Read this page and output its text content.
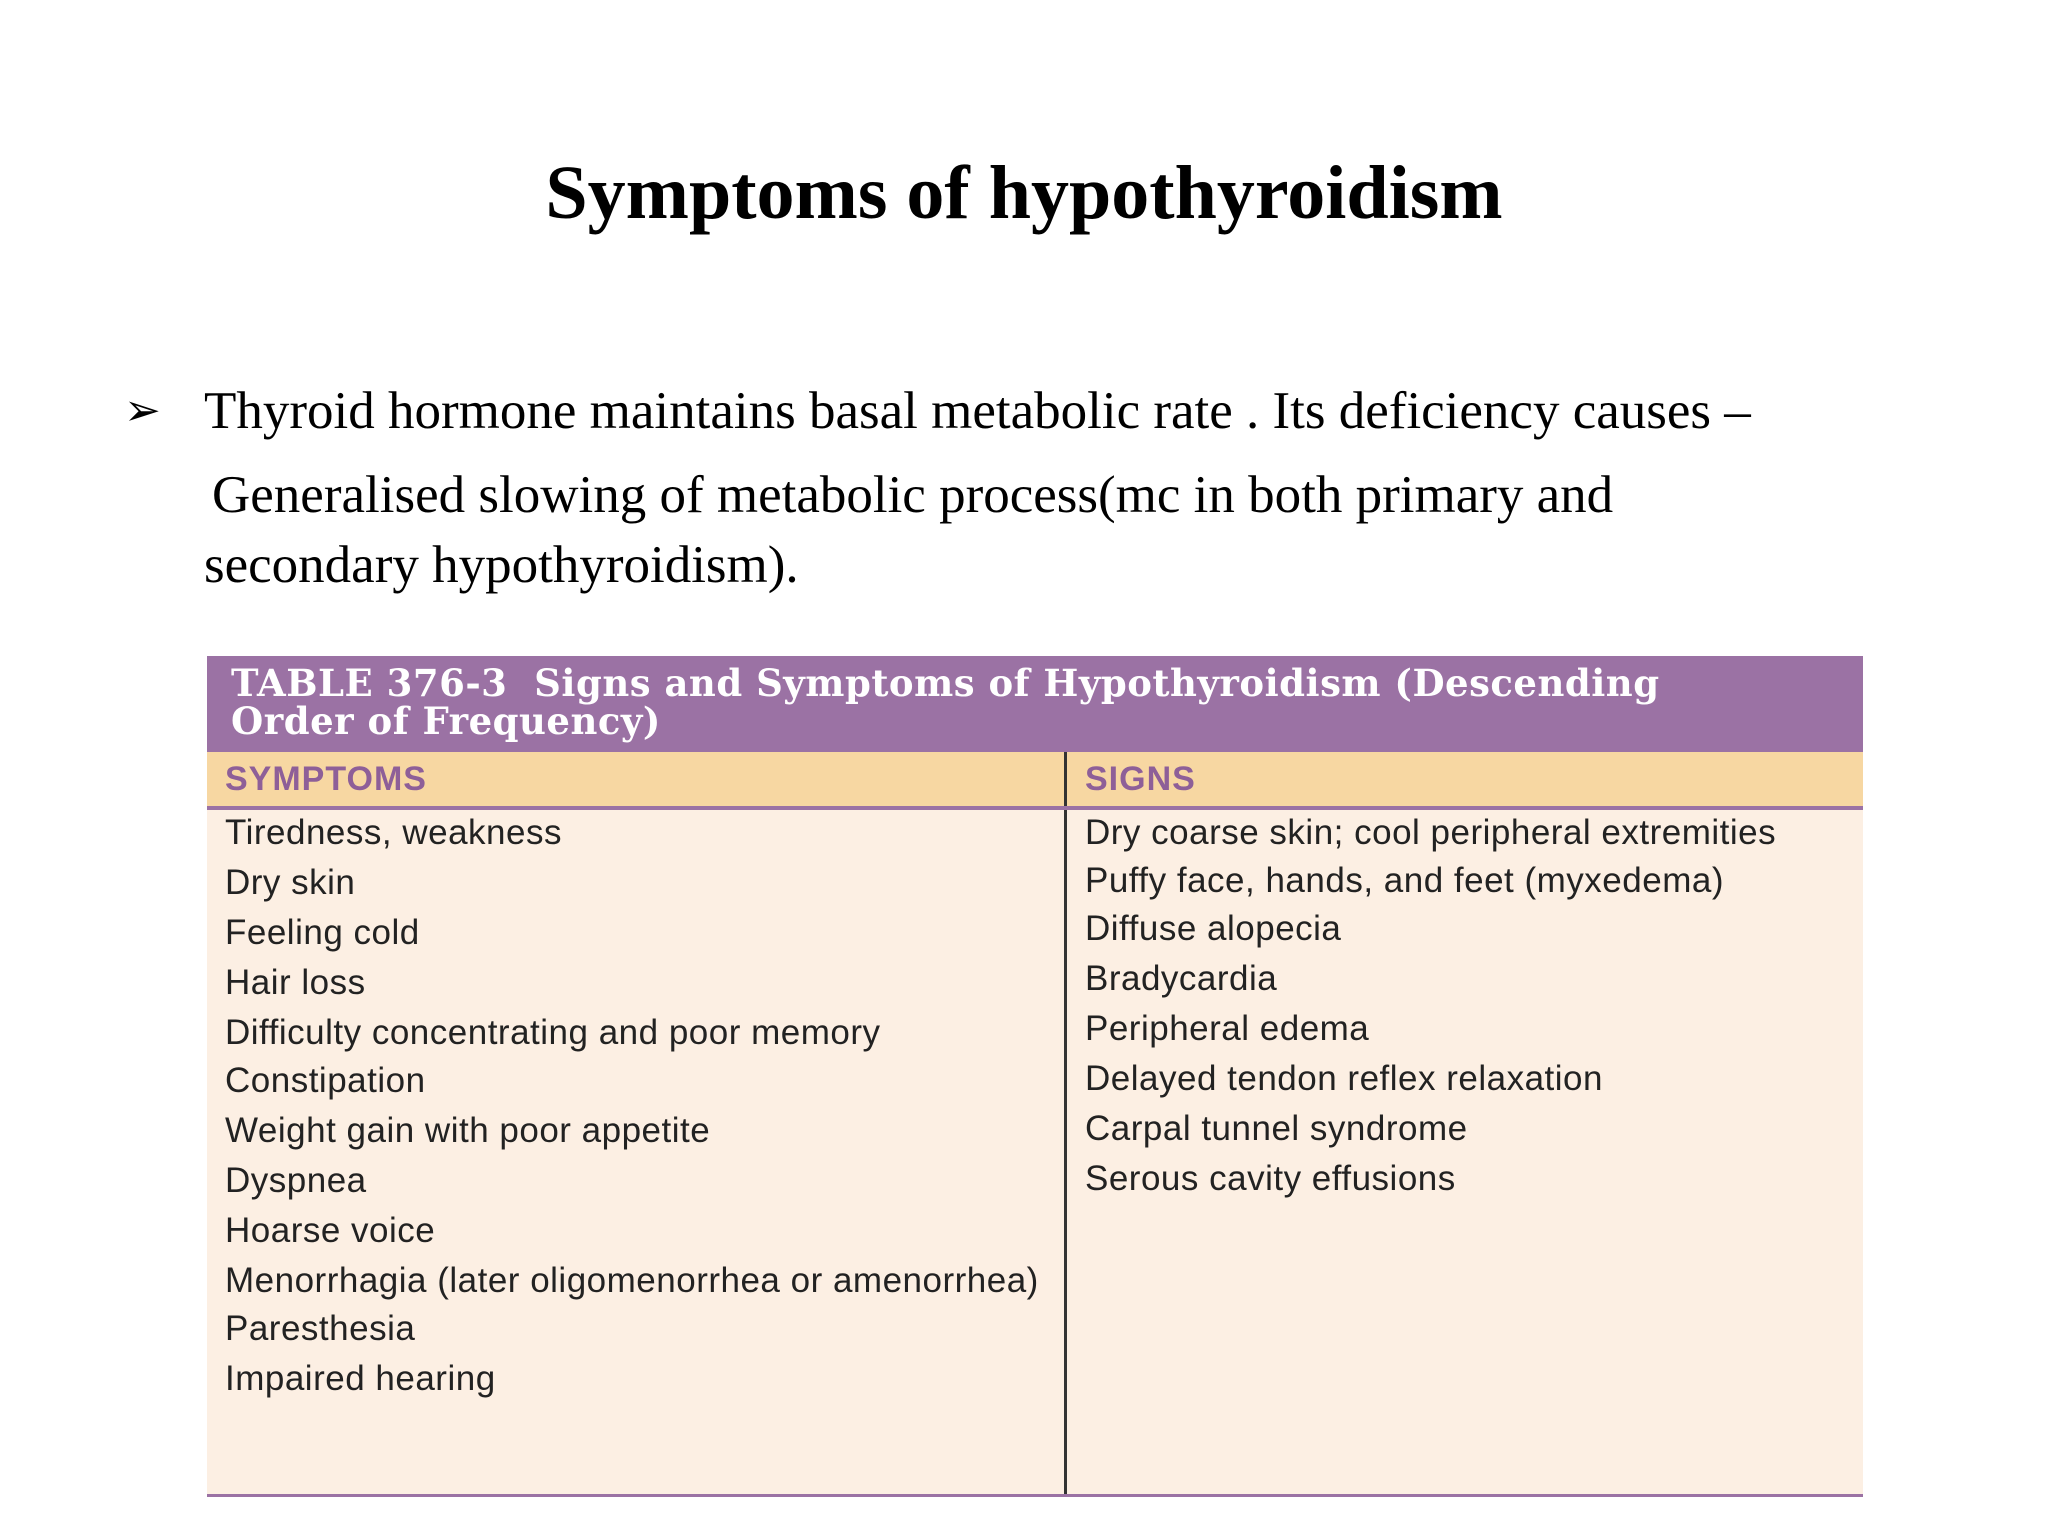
Symptoms of hypothyroidism
➢ Thyroid hormone maintains basal metabolic rate . Its deficiency causes –
Generalised slowing of metabolic process(mc in both primary and
secondary hypothyroidism).
TABLE 376-3  Signs and Symptoms of Hypothyroidism (Descending
Order of Frequency)
SYMPTOMS	SIGNS
Tiredness, weakness
Dry skin
Feeling cold
Hair loss
Difficulty concentrating and poor memory
Constipation
Weight gain with poor appetite
Dyspnea
Hoarse voice
Menorrhagia (later oligomenorrhea or amenorrhea)
Paresthesia
Impaired hearing
Dry coarse skin; cool peripheral extremities
Puffy face, hands, and feet (myxedema)
Diffuse alopecia
Bradycardia
Peripheral edema
Delayed tendon reflex relaxation
Carpal tunnel syndrome
Serous cavity effusions
